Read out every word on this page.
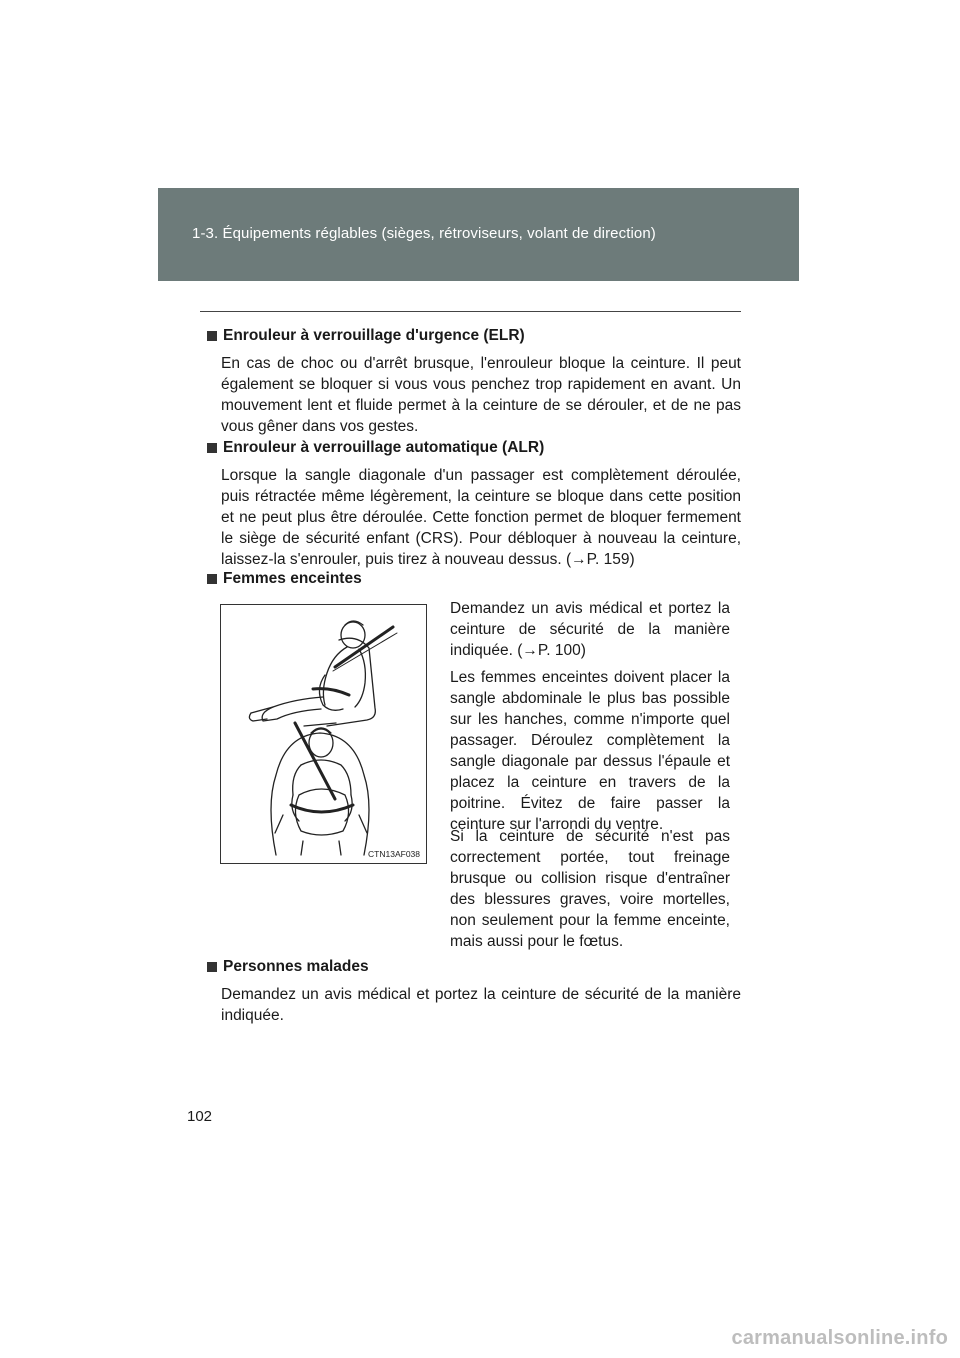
1-3. Équipements réglables (sièges, rétroviseurs, volant de direction)
Enrouleur à verrouillage d'urgence (ELR)

En cas de choc ou d'arrêt brusque, l'enrouleur bloque la ceinture. Il peut également se bloquer si vous vous penchez trop rapidement en avant. Un mouvement lent et fluide permet à la ceinture de se dérouler, et de ne pas vous gêner dans vos gestes.

Enrouleur à verrouillage automatique (ALR)

Lorsque la sangle diagonale d'un passager est complètement déroulée, puis rétractée même légèrement, la ceinture se bloque dans cette position et ne peut plus être déroulée. Cette fonction permet de bloquer fermement le siège de sécurité enfant (CRS). Pour débloquer à nouveau la ceinture, laissez-la s'enrouler, puis tirez à nouveau dessus. (→P. 159)

Femmes enceintes
CTN13AF038

Demandez un avis médical et portez la ceinture de sécurité de la manière indiquée. (→P. 100)

Les femmes enceintes doivent placer la sangle abdominale le plus bas possible sur les hanches, comme n'importe quel passager. Déroulez complètement la sangle diagonale par dessus l'épaule et placez la ceinture en travers de la poitrine. Évitez de faire passer la ceinture sur l'arrondi du ventre.

Si la ceinture de sécurité n'est pas correctement portée, tout freinage brusque ou collision risque d'entraîner des blessures graves, voire mortelles, non seulement pour la femme enceinte, mais aussi pour le fœtus.

Personnes malades

Demandez un avis médical et portez la ceinture de sécurité de la manière indiquée.

102
carmanualsonline.info
